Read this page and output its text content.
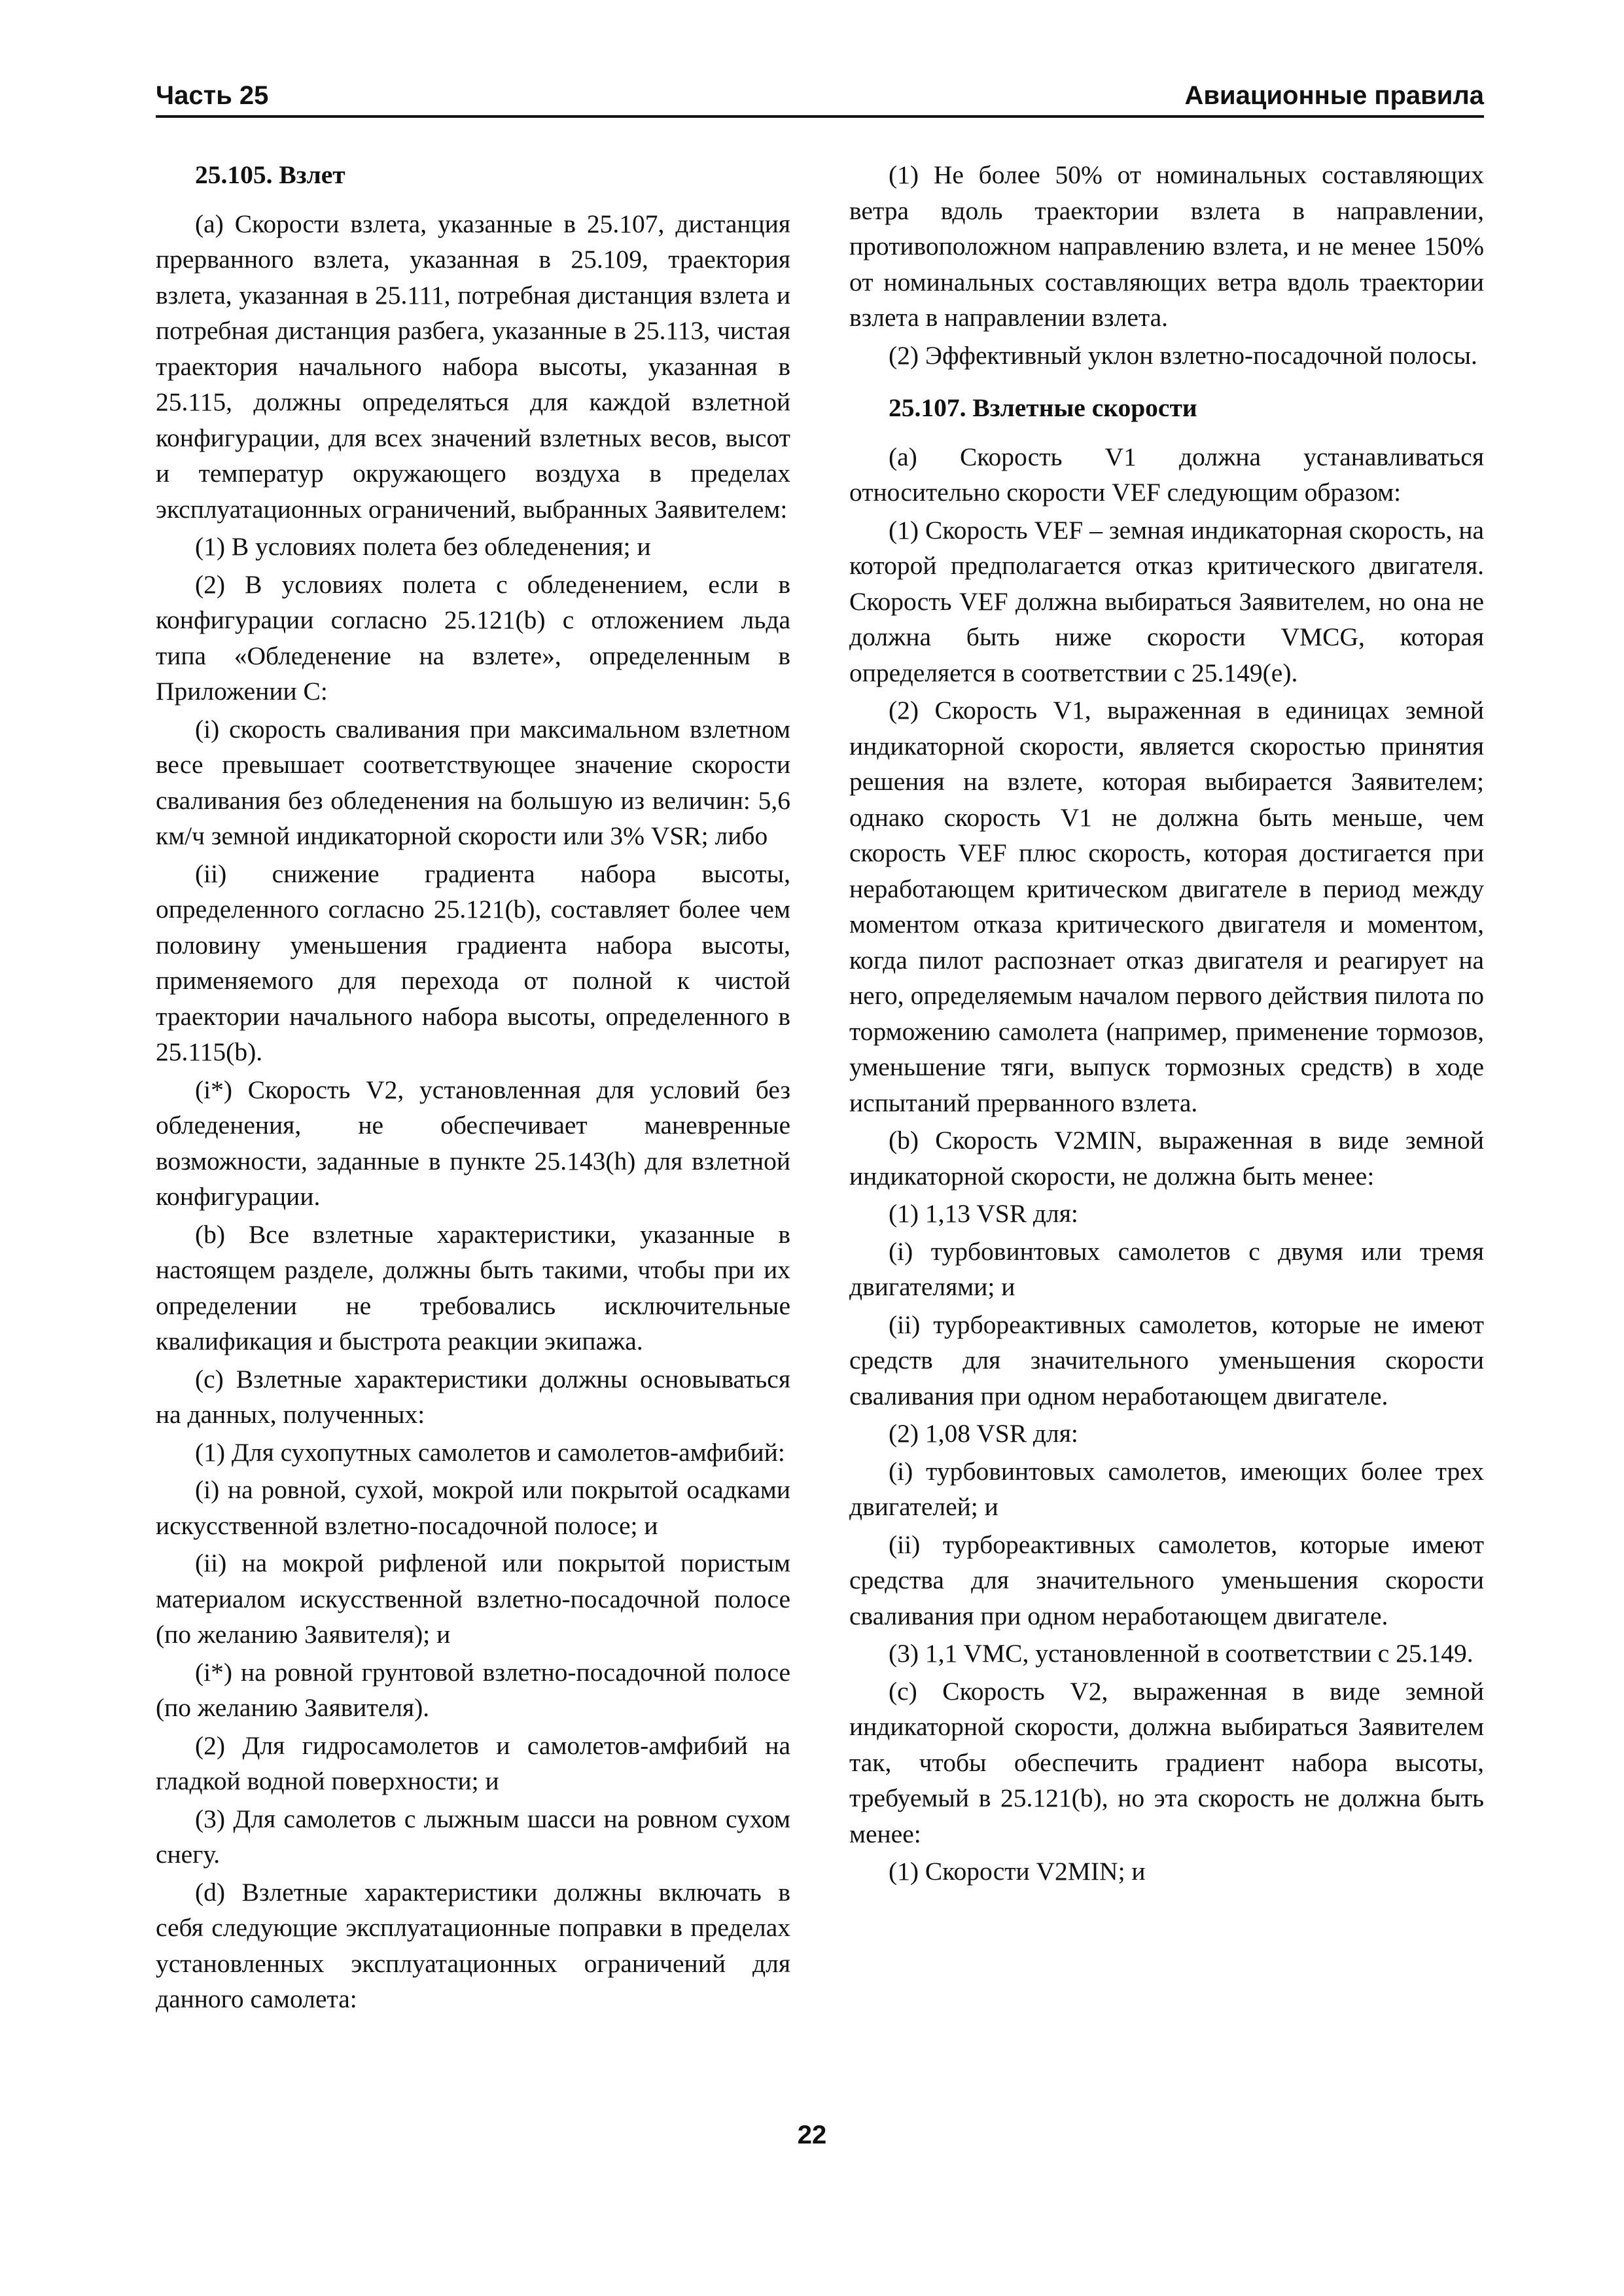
Часть 25	Авиационные правила
25.105. Взлет

(а) Скорости взлета, указанные в 25.107, дистанция прерванного взлета, указанная в 25.109, траектория взлета, указанная в 25.111, потребная дистанция взлета и потребная дистанция разбега, указанные в 25.113, чистая траектория начального набора высоты, указанная в 25.115, должны определяться для каждой взлетной конфигурации, для всех значений взлетных весов, высот и температур окружающего воздуха в пределах эксплуатационных ограничений, выбранных Заявителем:

(1) В условиях полета без обледенения; и

(2) В условиях полета с обледенением, если в конфигурации согласно 25.121(b) с отложением льда типа «Обледенение на взлете», определенным в Приложении С:

(i) скорость сваливания при максимальном взлетном весе превышает соответствующее значение скорости сваливания без обледенения на большую из величин: 5,6 км/ч земной индикаторной скорости или 3% VSR; либо

(ii) снижение градиента набора высоты, определенного согласно 25.121(b), составляет более чем половину уменьшения градиента набора высоты, применяемого для перехода от полной к чистой траектории начального набора высоты, определенного в 25.115(b).

(i*) Скорость V2, установленная для условий без обледенения, не обеспечивает маневренные возможности, заданные в пункте 25.143(h) для взлетной конфигурации.

(b) Все взлетные характеристики, указанные в настоящем разделе, должны быть такими, чтобы при их определении не требовались исключительные квалификация и быстрота реакции экипажа.

(с) Взлетные характеристики должны основываться на данных, полученных:

(1) Для сухопутных самолетов и самолетов-амфибий:

(i) на ровной, сухой, мокрой или покрытой осадками искусственной взлетно-посадочной полосе; и

(ii) на мокрой рифленой или покрытой пористым материалом искусственной взлетно-посадочной полосе (по желанию Заявителя); и

(i*) на ровной грунтовой взлетно-посадочной полосе (по желанию Заявителя).

(2) Для гидросамолетов и самолетов-амфибий на гладкой водной поверхности; и

(3) Для самолетов с лыжным шасси на ровном сухом снегу.

(d) Взлетные характеристики должны включать в себя следующие эксплуатационные поправки в пределах установленных эксплуатационных ограничений для данного самолета:

(1) Не более 50% от номинальных составляющих ветра вдоль траектории взлета в направлении, противоположном направлению взлета, и не менее 150% от номинальных составляющих ветра вдоль траектории взлета в направлении взлета.

(2) Эффективный уклон взлетно-посадочной полосы.

25.107. Взлетные скорости

(а) Скорость V1 должна устанавливаться относительно скорости VEF следующим образом:

(1) Скорость VEF – земная индикаторная скорость, на которой предполагается отказ критического двигателя. Скорость VEF должна выбираться Заявителем, но она не должна быть ниже скорости VMCG, которая определяется в соответствии с 25.149(е).

(2) Скорость V1, выраженная в единицах земной индикаторной скорости, является скоростью принятия решения на взлете, которая выбирается Заявителем; однако скорость V1 не должна быть меньше, чем скорость VEF плюс скорость, которая достигается при неработающем критическом двигателе в период между моментом отказа критического двигателя и моментом, когда пилот распознает отказ двигателя и реагирует на него, определяемым началом первого действия пилота по торможению самолета (например, применение тормозов, уменьшение тяги, выпуск тормозных средств) в ходе испытаний прерванного взлета.

(b) Скорость V2MIN, выраженная в виде земной индикаторной скорости, не должна быть менее:

(1) 1,13 VSR для:

(i) турбовинтовых самолетов с двумя или тремя двигателями; и

(ii) турбореактивных самолетов, которые не имеют средств для значительного уменьшения скорости сваливания при одном неработающем двигателе.

(2) 1,08 VSR для:

(i) турбовинтовых самолетов, имеющих более трех двигателей; и

(ii) турбореактивных самолетов, которые имеют средства для значительного уменьшения скорости сваливания при одном неработающем двигателе.

(3) 1,1 VMC, установленной в соответствии с 25.149.

(с) Скорость V2, выраженная в виде земной индикаторной скорости, должна выбираться Заявителем так, чтобы обеспечить градиент набора высоты, требуемый в 25.121(b), но эта скорость не должна быть менее:

(1) Скорости V2MIN; и

22
